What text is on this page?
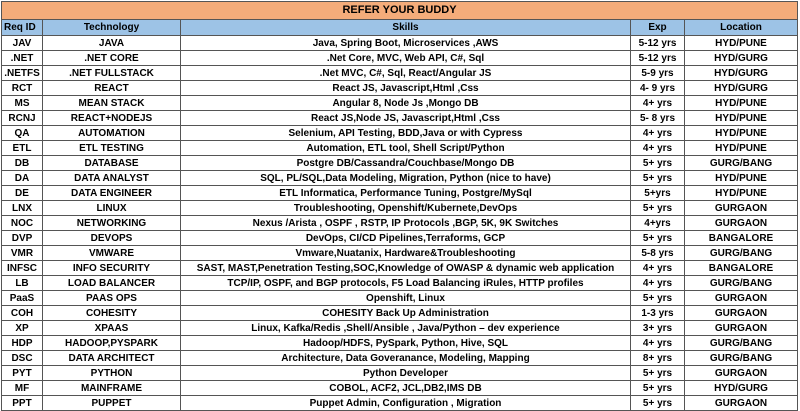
REFER YOUR BUDDY				
Req ID	Technology	Skills	Exp	Location
JAV	JAVA	Java, Spring Boot, Microservices ,AWS	5-12 yrs	HYD/PUNE
.NET	.NET CORE	.Net Core, MVC, Web API, C#, Sql	5-12 yrs	HYD/GURG
.NETFS	.NET FULLSTACK	.Net MVC, C#, Sql, React/Angular JS	5-9 yrs	HYD/GURG
RCT	REACT	React JS, Javascript,Html ,Css	4- 9 yrs	HYD/GURG
MS	MEAN STACK	Angular 8, Node Js ,Mongo DB	4+ yrs	HYD/PUNE
RCNJ	REACT+NODEJS	React JS,Node JS, Javascript,Html ,Css	5- 8 yrs	HYD/PUNE
QA	AUTOMATION	Selenium, API Testing, BDD,Java or with Cypress	4+ yrs	HYD/PUNE
ETL	ETL TESTING	Automation, ETL tool, Shell Script/Python	4+ yrs	HYD/PUNE
DB	DATABASE	Postgre DB/Cassandra/Couchbase/Mongo DB	5+ yrs	GURG/BANG
DA	DATA ANALYST	SQL, PL/SQL,Data Modeling, Migration, Python (nice to have)	5+ yrs	HYD/PUNE
DE	DATA ENGINEER	ETL Informatica, Performance Tuning, Postgre/MySql	5+yrs	HYD/PUNE
LNX	LINUX	Troubleshooting, Openshift/Kubernete,DevOps	5+ yrs	GURGAON
NOC	NETWORKING	Nexus /Arista , OSPF , RSTP, IP Protocols ,BGP, 5K, 9K Switches	4+yrs	GURGAON
DVP	DEVOPS	DevOps, CI/CD Pipelines,Terraforms, GCP	5+ yrs	BANGALORE
VMR	VMWARE	Vmware,Nuatanix, Hardware&Troubleshooting	5-8 yrs	GURG/BANG
INFSC	INFO SECURITY	SAST, MAST,Penetration Testing,SOC,Knowledge of OWASP & dynamic web application	4+ yrs	BANGALORE
LB	LOAD BALANCER	TCP/IP, OSPF, and BGP protocols, F5 Load Balancing iRules, HTTP profiles	4+ yrs	GURG/BANG
PaaS	PAAS OPS	Openshift, Linux	5+ yrs	GURGAON
COH	COHESITY	COHESITY Back Up Administration	1-3 yrs	GURGAON
XP	XPAAS	Linux, Kafka/Redis ,Shell/Ansible , Java/Python – dev experience	3+ yrs	GURGAON
HDP	HADOOP,PYSPARK	Hadoop/HDFS, PySpark, Python, Hive, SQL	4+ yrs	GURG/BANG
DSC	DATA ARCHITECT	Architecture, Data Goveranance, Modeling, Mapping	8+ yrs	GURG/BANG
PYT	PYTHON	Python Developer	5+ yrs	GURGAON
MF	MAINFRAME	COBOL, ACF2, JCL,DB2,IMS DB	5+ yrs	HYD/GURG
PPT	PUPPET	Puppet Admin, Configuration , Migration	5+ yrs	GURGAON
